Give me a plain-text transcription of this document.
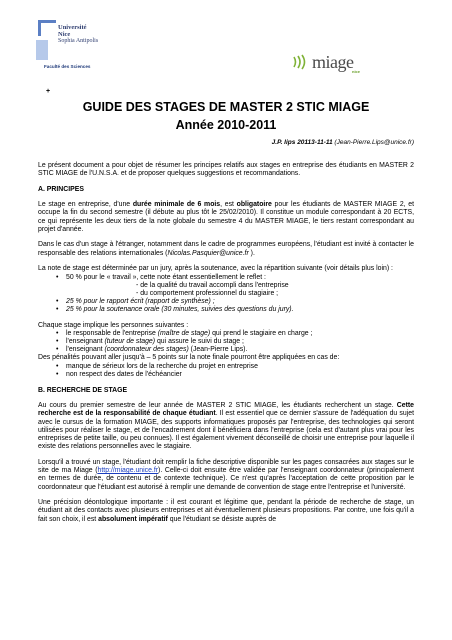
Université
Nice
Sophia Antipolis
Faculté des Sciences	miage
nice
+
GUIDE DES STAGES DE MASTER 2 STIC MIAGE
Année 2010-2011
J.P. lips 20113-11-11 (Jean-Pierre.Lips@unice.fr)

Le présent document a pour objet de résumer les principes relatifs aux stages en entreprise des étudiants en MASTER 2 STIC MIAGE de l'U.N.S.A. et de proposer quelques suggestions et recommandations.

A. PRINCIPES

Le stage en entreprise, d'une durée minimale de 6 mois, est obligatoire pour les étudiants de MASTER MIAGE 2, et occupe la fin du second semestre (il débute au plus tôt le 25/02/2010). Il constitue un module correspondant à 20 ECTS, ce qui représente les deux tiers de la note globale du semestre 4 du MASTER MIAGE, le tiers restant correspondant au projet d'année.

Dans le cas d'un stage à l'étranger, notamment dans le cadre de programmes européens, l'étudiant est invité à contacter le responsable des relations internationales (Nicolas.Pasquier@unice.fr ).

La note de stage est déterminée par un jury, après la soutenance, avec la répartition suivante (voir détails plus loin) :

• 50 % pour le « travail », cette note étant essentiellement le reflet :
- de la qualité du travail accompli dans l'entreprise
- du comportement professionnel du stagiaire ;
• 25 % pour le rapport écrit (rapport de synthèse) ;
• 25 % pour la soutenance orale (30 minutes, suivies des questions du jury).

Chaque stage implique les personnes suivantes :

• le responsable de l'entreprise (maître de stage) qui prend le stagiaire en charge ;
• l'enseignant (tuteur de stage) qui assure le suivi du stage ;
• l'enseignant (coordonnateur des stages) (Jean-Pierre Lips).

Des pénalités pouvant aller jusqu'à – 5 points sur la note finale pourront être appliquées en cas de:

• manque de sérieux lors de la recherche du projet en entreprise
• non respect des dates de l'échéancier
B. RECHERCHE DE STAGE

Au cours du premier semestre de leur année de MASTER 2 STIC MIAGE, les étudiants recherchent un stage. Cette recherche est de la responsabilité de chaque étudiant. Il est essentiel que ce dernier s'assure de l'adéquation du sujet avec le cursus de la formation MIAGE, des supports informatiques proposés par l'entreprise, des technologies qui seront utilisées pour réaliser le stage, et de l'encadrement dont il bénéficiera dans l'entreprise (cela est d'autant plus vrai pour les entreprises de petite taille, ou peu connues). Il est également vivement déconseillé de choisir une entreprise pour laquelle il existe des relations personnelles avec le stagiaire.

Lorsqu'il a trouvé un stage, l'étudiant doit remplir la fiche descriptive disponible sur les pages consacrées aux stages sur le site de ma Miage (http://miage.unice.fr). Celle-ci doit ensuite être validée par l'enseignant coordonnateur (principalement en termes de durée, de contenu et de contexte technique). Ce n'est qu'après l'acceptation de cette proposition par le coordonnateur que l'étudiant est autorisé à remplir une demande de convention de stage entre l'entreprise et l'université.

Une précision déontologique importante : il est courant et légitime que, pendant la période de recherche de stage, un étudiant ait des contacts avec plusieurs entreprises et ait éventuellement plusieurs propositions. Par contre, une fois qu'il a fait son choix, il est absolument impératif que l'étudiant se désiste auprès de
